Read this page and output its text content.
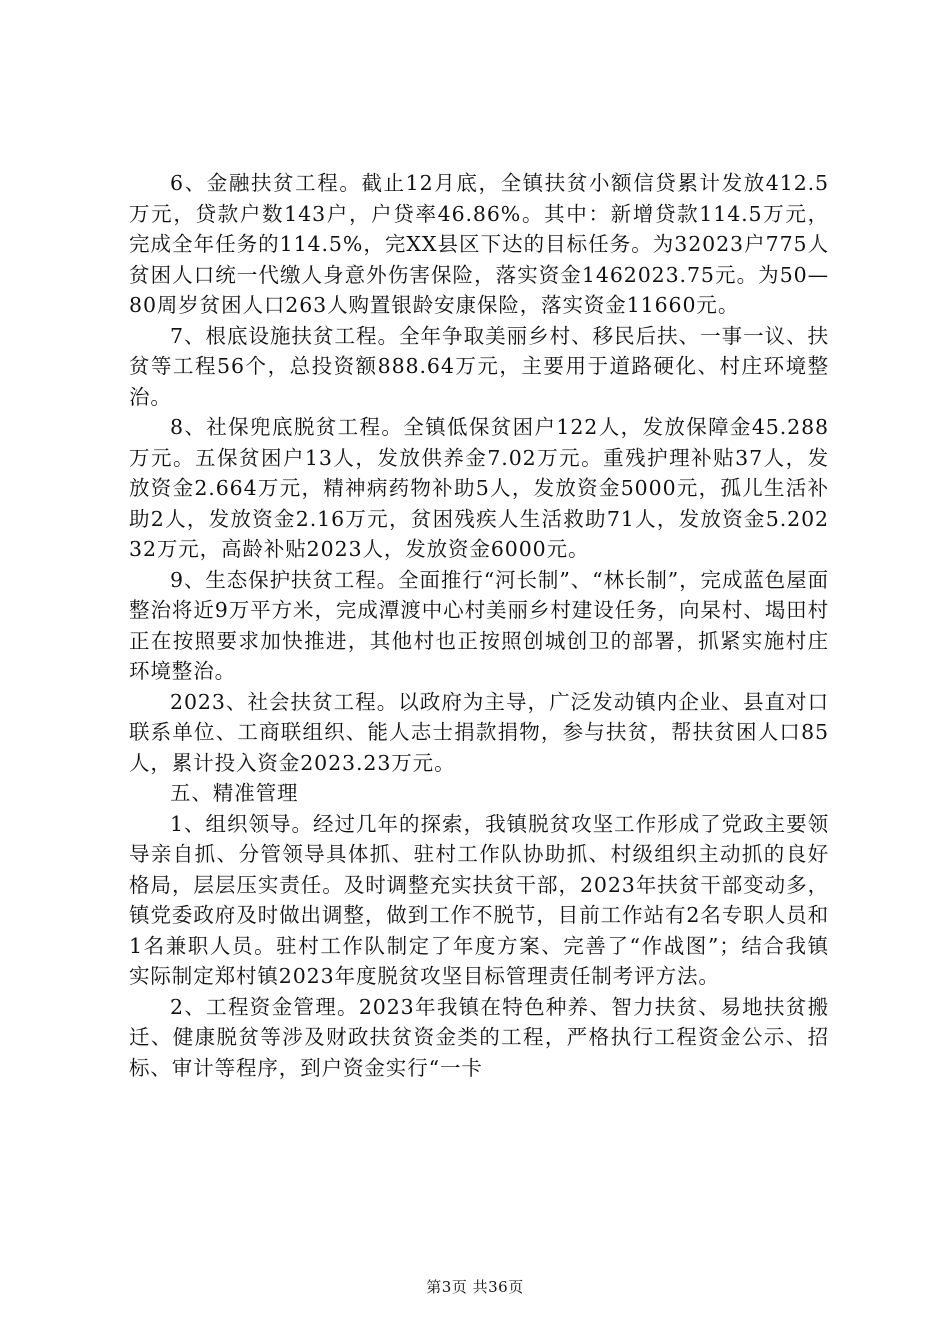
6、金融扶贫工程。截止12月底，全镇扶贫小额信贷累计发放412.5万元，贷款户数143户，户贷率46.86%。其中：新增贷款114.5万元，完成全年任务的114.5%，完XX县区下达的目标任务。为32023户775人贫困人口统一代缴人身意外伤害保险，落实资金1462023.75元。为50—80周岁贫困人口263人购置银龄安康保险，落实资金11660元。

7、根底设施扶贫工程。全年争取美丽乡村、移民后扶、一事一议、扶贫等工程56个，总投资额888.64万元，主要用于道路硬化、村庄环境整治。

8、社保兜底脱贫工程。全镇低保贫困户122人，发放保障金45.288万元。五保贫困户13人，发放供养金7.02万元。重残护理补贴37人，发放资金2.664万元，精神病药物补助5人，发放资金5000元，孤儿生活补助2人，发放资金2.16万元，贫困残疾人生活救助71人，发放资金5.20232万元，高龄补贴2023人，发放资金6000元。

9、生态保护扶贫工程。全面推行“河长制”、“林长制”，完成蓝色屋面整治将近9万平方米，完成潭渡中心村美丽乡村建设任务，向杲村、堨田村正在按照要求加快推进，其他村也正按照创城创卫的部署，抓紧实施村庄环境整治。

2023、社会扶贫工程。以政府为主导，广泛发动镇内企业、县直对口联系单位、工商联组织、能人志士捐款捐物，参与扶贫，帮扶贫困人口85人，累计投入资金2023.23万元。

五、精准管理

1、组织领导。经过几年的探索，我镇脱贫攻坚工作形成了党政主要领导亲自抓、分管领导具体抓、驻村工作队协助抓、村级组织主动抓的良好格局，层层压实责任。及时调整充实扶贫干部，2023年扶贫干部变动多，镇党委政府及时做出调整，做到工作不脱节，目前工作站有2名专职人员和1名兼职人员。驻村工作队制定了年度方案、完善了“作战图”；结合我镇实际制定郑村镇2023年度脱贫攻坚目标管理责任制考评方法。

2、工程资金管理。2023年我镇在特色种养、智力扶贫、易地扶贫搬迁、健康脱贫等涉及财政扶贫资金类的工程，严格执行工程资金公示、招标、审计等程序，到户资金实行“一卡

第3页 共36页
